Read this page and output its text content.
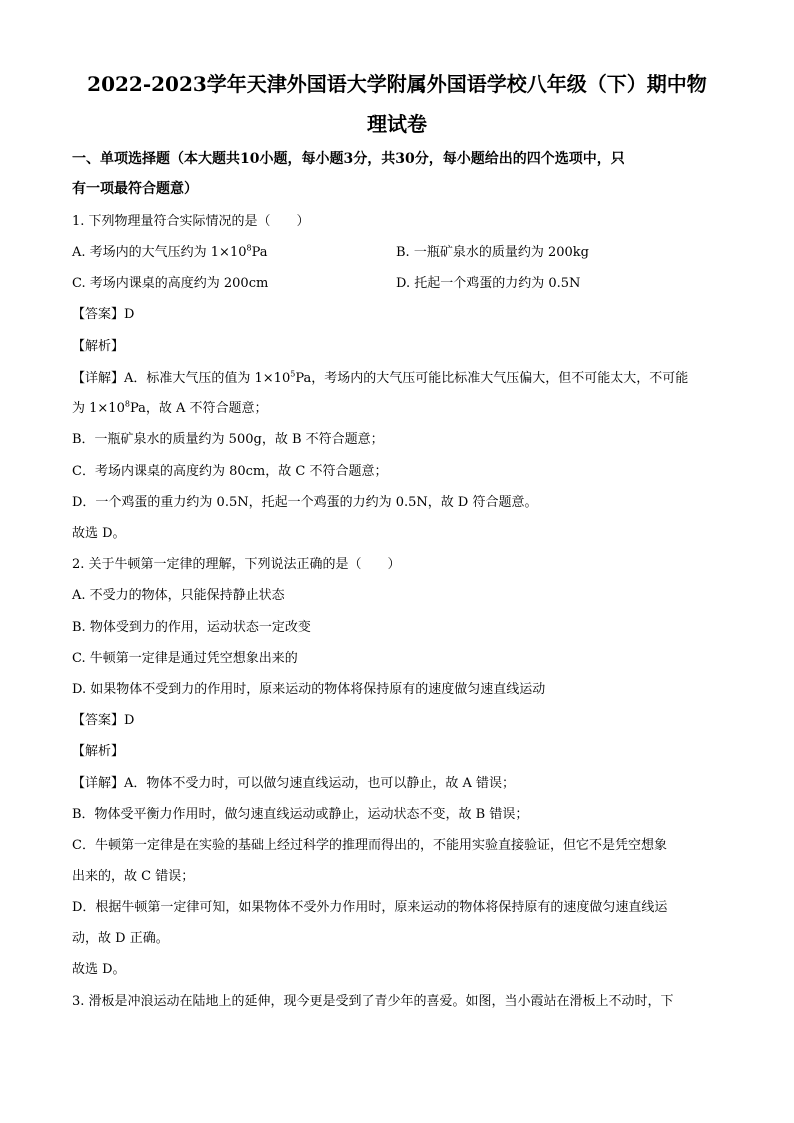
2022-2023学年天津外国语大学附属外国语学校八年级（下）期中物
理试卷
一、单项选择题（本大题共10小题，每小题3分，共30分，每小题给出的四个选项中，只
有一项最符合题意）
1. 下列物理量符合实际情况的是（　　）
A. 考场内的大气压约为 $1\times 10^8Pa$	B. 一瓶矿泉水的质量约为 200kg
C. 考场内课桌的高度约为 200cm	D. 托起一个鸡蛋的力约为 0.5N
【答案】D
【解析】
【详解】A．标准大气压的值为 $1\times 10^5Pa$，考场内的大气压可能比标准大气压偏大，但不可能太大，不可能
为 $1\times 10^8Pa$，故 A 不符合题意；
B．一瓶矿泉水的质量约为 500g，故 B 不符合题意；
C．考场内课桌的高度约为 80cm，故 C 不符合题意；
D．一个鸡蛋的重力约为 0.5N，托起一个鸡蛋的力约为 0.5N，故 D 符合题意。
故选 D。
2. 关于牛顿第一定律的理解，下列说法正确的是（　　）
A. 不受力的物体，只能保持静止状态
B. 物体受到力的作用，运动状态一定改变
C. 牛顿第一定律是通过凭空想象出来的
D. 如果物体不受到力的作用时，原来运动的物体将保持原有的速度做匀速直线运动
【答案】D
【解析】
【详解】A．物体不受力时，可以做匀速直线运动，也可以静止，故 A 错误；
B．物体受平衡力作用时，做匀速直线运动或静止，运动状态不变，故 B 错误；
C．牛顿第一定律是在实验的基础上经过科学的推理而得出的，不能用实验直接验证，但它不是凭空想象
出来的，故 C 错误；
D．根据牛顿第一定律可知，如果物体不受外力作用时，原来运动的物体将保持原有的速度做匀速直线运
动，故 D 正确。
故选 D。
3. 滑板是冲浪运动在陆地上的延伸，现今更是受到了青少年的喜爱。如图，当小霞站在滑板上不动时，下
